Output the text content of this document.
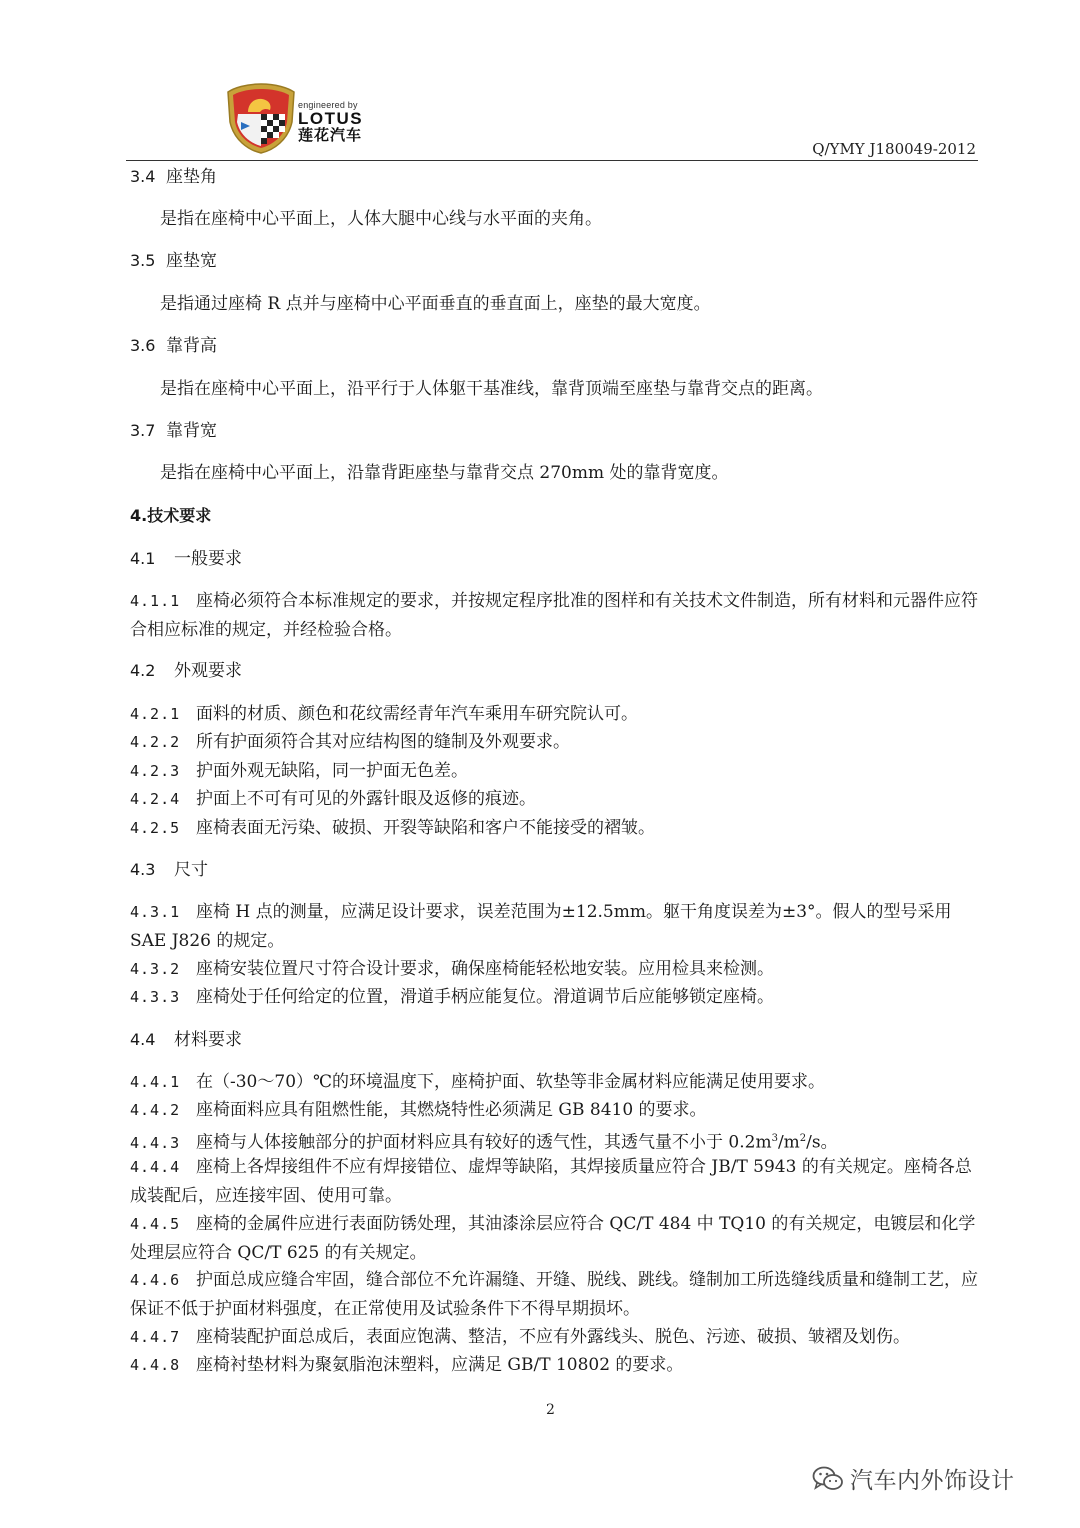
engineered by
LOTUS
莲花汽车
Q/YMY J180049-2012
3.4 座垫角
是指在座椅中心平面上，人体大腿中心线与水平面的夹角。
3.5 座垫宽
是指通过座椅 R 点并与座椅中心平面垂直的垂直面上，座垫的最大宽度。
3.6 靠背高
是指在座椅中心平面上，沿平行于人体躯干基准线，靠背顶端至座垫与靠背交点的距离。
3.7 靠背宽
是指在座椅中心平面上，沿靠背距座垫与靠背交点 270mm 处的靠背宽度。
4.技术要求
4.1 一般要求
4.1.1 座椅必须符合本标准规定的要求，并按规定程序批准的图样和有关技术文件制造，所有材料和元器件应符合相应标准的规定，并经检验合格。
4.2 外观要求
4.2.1 面料的材质、颜色和花纹需经青年汽车乘用车研究院认可。
4.2.2 所有护面须符合其对应结构图的缝制及外观要求。
4.2.3 护面外观无缺陷，同一护面无色差。
4.2.4 护面上不可有可见的外露针眼及返修的痕迹。
4.2.5 座椅表面无污染、破损、开裂等缺陷和客户不能接受的褶皱。
4.3 尺寸
4.3.1 座椅 H 点的测量，应满足设计要求，误差范围为±12.5mm。躯干角度误差为±3°。假人的型号采用 SAE J826 的规定。
4.3.2 座椅安装位置尺寸符合设计要求，确保座椅能轻松地安装。应用检具来检测。
4.3.3 座椅处于任何给定的位置，滑道手柄应能复位。滑道调节后应能够锁定座椅。
4.4 材料要求
4.4.1 在（-30～70）℃的环境温度下，座椅护面、软垫等非金属材料应能满足使用要求。
4.4.2 座椅面料应具有阻燃性能，其燃烧特性必须满足 GB 8410 的要求。
4.4.3 座椅与人体接触部分的护面材料应具有较好的透气性，其透气量不小于 $0.2m^3/m^2/s$。
4.4.4 座椅上各焊接组件不应有焊接错位、虚焊等缺陷，其焊接质量应符合 JB/T 5943 的有关规定。座椅各总成装配后，应连接牢固、使用可靠。
4.4.5 座椅的金属件应进行表面防锈处理，其油漆涂层应符合 QC/T 484 中 TQ10 的有关规定，电镀层和化学处理层应符合 QC/T 625 的有关规定。
4.4.6 护面总成应缝合牢固，缝合部位不允许漏缝、开缝、脱线、跳线。缝制加工所选缝线质量和缝制工艺，应保证不低于护面材料强度，在正常使用及试验条件下不得早期损坏。
4.4.7 座椅装配护面总成后，表面应饱满、整洁，不应有外露线头、脱色、污迹、破损、皱褶及划伤。
4.4.8 座椅衬垫材料为聚氨脂泡沫塑料，应满足 GB/T 10802 的要求。
2
汽车内外饰设计
